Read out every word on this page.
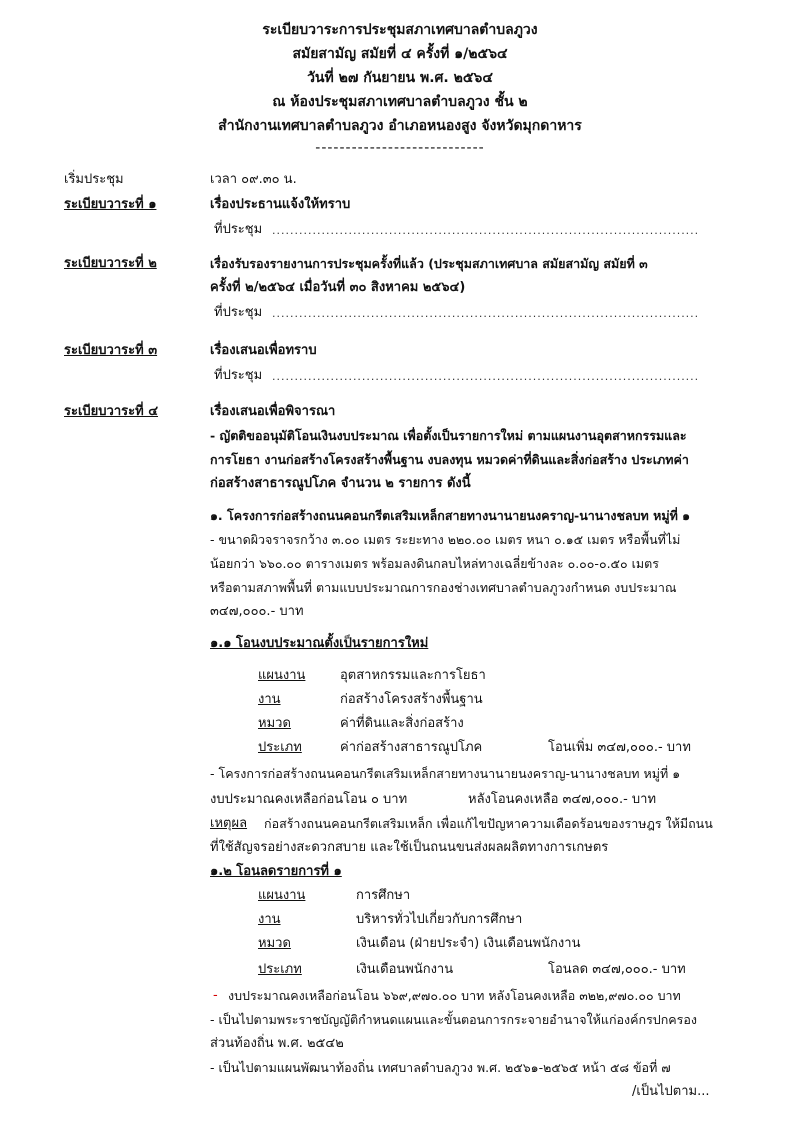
ระเบียบวาระการประชุมสภาเทศบาลตำบลภูวง
สมัยสามัญ สมัยที่ ๔ ครั้งที่ ๑/๒๕๖๔
วันที่ ๒๗ กันยายน พ.ศ. ๒๕๖๔
ณ ห้องประชุมสภาเทศบาลตำบลภูวง ชั้น ๒
สำนักงานเทศบาลตำบลภูวง อำเภอหนองสูง จังหวัดมุกดาหาร
----------------------------
เริ่มประชุม	เวลา ๐๙.๓๐ น.
ระเบียบวาระที่ ๑	เรื่องประธานแจ้งให้ทราบ
ที่ประชุม
.....
ระเบียบวาระที่ ๒	เรื่องรับรองรายงานการประชุมครั้งที่แล้ว (ประชุมสภาเทศบาล สมัยสามัญ สมัยที่ ๓
ครั้งที่ ๒/๒๕๖๔ เมื่อวันที่ ๓๐ สิงหาคม ๒๕๖๔)
ที่ประชุม
.....
ระเบียบวาระที่ ๓	เรื่องเสนอเพื่อทราบ
ที่ประชุม
.....
ระเบียบวาระที่ ๔	เรื่องเสนอเพื่อพิจารณา
- ญัตติขออนุมัติโอนเงินงบประมาณ เพื่อตั้งเป็นรายการใหม่ ตามแผนงานอุตสาหกรรมและ
การโยธา งานก่อสร้างโครงสร้างพื้นฐาน งบลงทุน หมวดค่าที่ดินและสิ่งก่อสร้าง ประเภทค่า
ก่อสร้างสาธารณูปโภค จำนวน ๒ รายการ ดังนี้
๑. โครงการก่อสร้างถนนคอนกรีตเสริมเหล็กสายทางนานายนงคราญ-นานางชลบท หมู่ที่ ๑
- ขนาดผิวจราจรกว้าง ๓.๐๐ เมตร ระยะทาง ๒๒๐.๐๐ เมตร หนา ๐.๑๕ เมตร หรือพื้นที่ไม่
น้อยกว่า ๖๖๐.๐๐ ตารางเมตร พร้อมลงดินกลบไหล่ทางเฉลี่ยข้างละ ๐.๐๐-๐.๕๐ เมตร
หรือตามสภาพพื้นที่ ตามแบบประมาณการกองช่างเทศบาลตำบลภูวงกำหนด งบประมาณ
๓๔๗,๐๐๐.- บาท
๑.๑ โอนงบประมาณตั้งเป็นรายการใหม่
แผนงาน	อุตสาหกรรมและการโยธา
งาน	ก่อสร้างโครงสร้างพื้นฐาน
หมวด	ค่าที่ดินและสิ่งก่อสร้าง
ประเภท	ค่าก่อสร้างสาธารณูปโภค	โอนเพิ่ม ๓๔๗,๐๐๐.- บาท
- โครงการก่อสร้างถนนคอนกรีตเสริมเหล็กสายทางนานายนงคราญ-นานางชลบท หมู่ที่ ๑
งบประมาณคงเหลือก่อนโอน ๐ บาท	หลังโอนคงเหลือ ๓๔๗,๐๐๐.- บาท
เหตุผล ก่อสร้างถนนคอนกรีตเสริมเหล็ก เพื่อแก้ไขปัญหาความเดือดร้อนของราษฎร ให้มีถนน
ที่ใช้สัญจรอย่างสะดวกสบาย และใช้เป็นถนนขนส่งผลผลิตทางการเกษตร
๑.๒ โอนลดรายการที่ ๑
แผนงาน	การศึกษา
งาน	บริหารทั่วไปเกี่ยวกับการศึกษา
หมวด	เงินเดือน (ฝ่ายประจำ) เงินเดือนพนักงาน
ประเภท	เงินเดือนพนักงาน	โอนลด ๓๔๗,๐๐๐.- บาท
- งบประมาณคงเหลือก่อนโอน ๖๖๙,๙๗๐.๐๐ บาท หลังโอนคงเหลือ ๓๒๒,๙๗๐.๐๐ บาท
- เป็นไปตามพระราชบัญญัติกำหนดแผนและขั้นตอนการกระจายอำนาจให้แก่องค์กรปกครอง
ส่วนท้องถิ่น พ.ศ. ๒๕๔๒
- เป็นไปตามแผนพัฒนาท้องถิ่น เทศบาลตำบลภูวง พ.ศ. ๒๕๖๑-๒๕๖๕ หน้า ๕๘ ข้อที่ ๗
/เป็นไปตาม...
